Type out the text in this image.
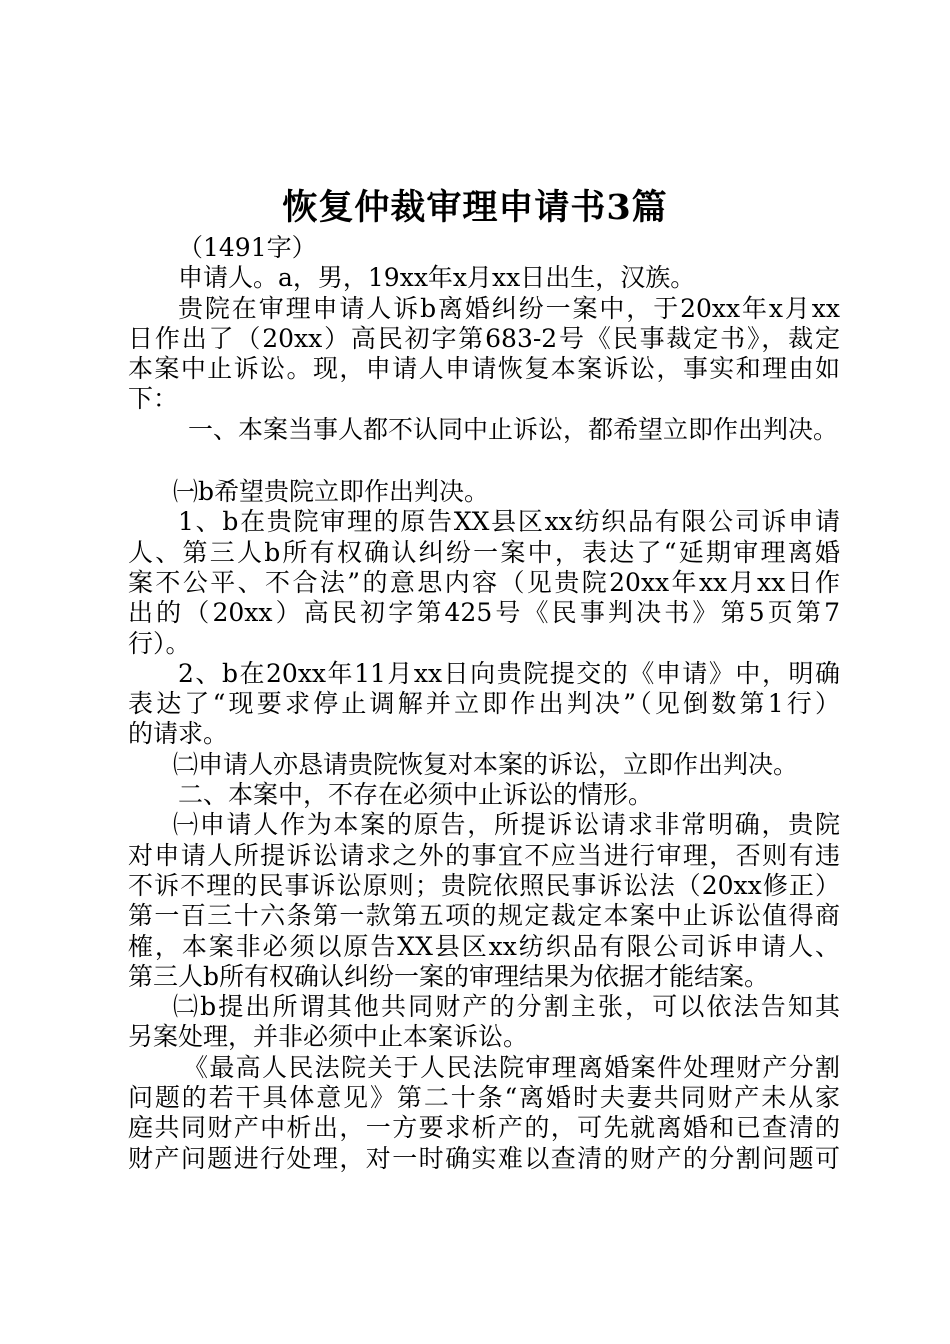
恢复仲裁审理申请书3篇
（1491字）
申请人。a，男，19xx年x月xx日出生，汉族。
贵院在审理申请人诉b离婚纠纷一案中，于20xx年x月xx
日作出了（20xx）高民初字第683-2号《民事裁定书》，裁定
本案中止诉讼。现，申请人申请恢复本案诉讼，事实和理由如
下：
一、本案当事人都不认同中止诉讼，都希望立即作出判决。
㈠b希望贵院立即作出判决。
1、b在贵院审理的原告XX县区xx纺织品有限公司诉申请
人、第三人b所有权确认纠纷一案中，表达了“延期审理离婚
案不公平、不合法”的意思内容（见贵院20xx年xx月xx日作
出的（20xx）高民初字第425号《民事判决书》第5页第7
行）。
2、b在20xx年11月xx日向贵院提交的《申请》中，明确
表达了“现要求停止调解并立即作出判决”（见倒数第1行）
的请求。
㈡申请人亦恳请贵院恢复对本案的诉讼，立即作出判决。
二、本案中，不存在必须中止诉讼的情形。
㈠申请人作为本案的原告，所提诉讼请求非常明确，贵院
对申请人所提诉讼请求之外的事宜不应当进行审理，否则有违
不诉不理的民事诉讼原则；贵院依照民事诉讼法（20xx修正）
第一百三十六条第一款第五项的规定裁定本案中止诉讼值得商
榷，本案非必须以原告XX县区xx纺织品有限公司诉申请人、
第三人b所有权确认纠纷一案的审理结果为依据才能结案。
㈡b提出所谓其他共同财产的分割主张，可以依法告知其
另案处理，并非必须中止本案诉讼。
《最高人民法院关于人民法院审理离婚案件处理财产分割
问题的若干具体意见》第二十条“离婚时夫妻共同财产未从家
庭共同财产中析出，一方要求析产的，可先就离婚和已查清的
财产问题进行处理，对一时确实难以查清的财产的分割问题可
